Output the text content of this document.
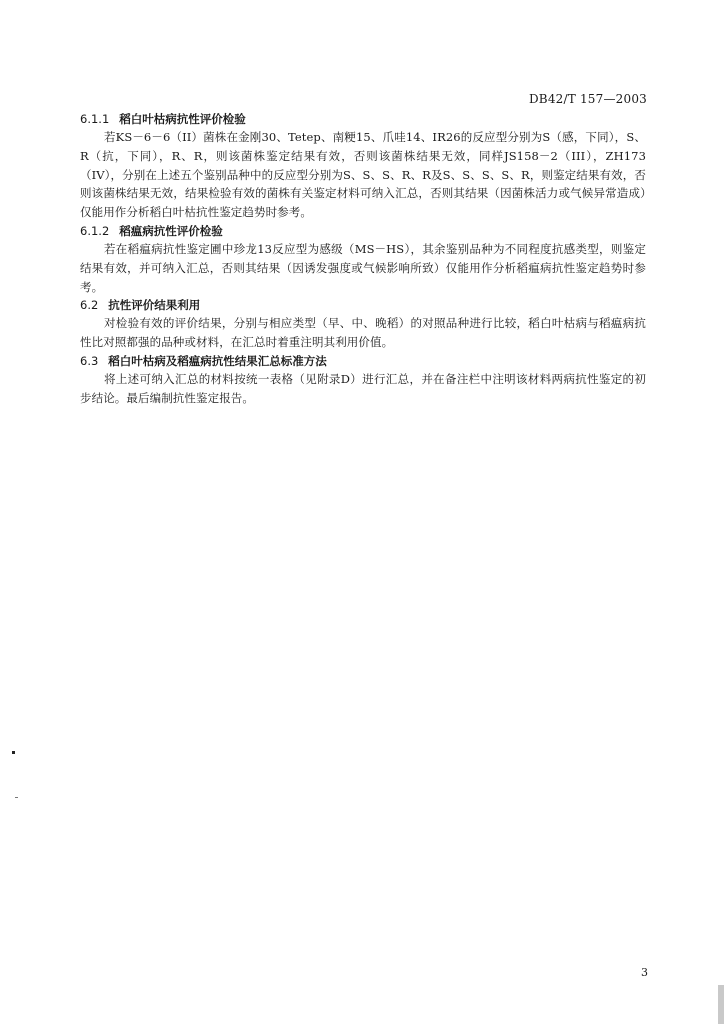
DB42/T 157—2003

6.1.1 稻白叶枯病抗性评价检验

若KS－6－6（II）菌株在金刚30、Tetep、南粳15、爪哇14、IR26的反应型分别为S（感，下同），S、R（抗，下同），R、R，则该菌株鉴定结果有效，否则该菌株结果无效，同样JS158－2（III），ZH173（IV），分别在上述五个鉴别品种中的反应型分别为S、S、S、R、R及S、S、S、S、R，则鉴定结果有效，否则该菌株结果无效，结果检验有效的菌株有关鉴定材料可纳入汇总，否则其结果（因菌株活力或气候异常造成）仅能用作分析稻白叶枯抗性鉴定趋势时参考。

6.1.2 稻瘟病抗性评价检验

若在稻瘟病抗性鉴定圃中珍龙13反应型为感级（MS－HS），其余鉴别品种为不同程度抗感类型，则鉴定结果有效，并可纳入汇总，否则其结果（因诱发强度或气候影响所致）仅能用作分析稻瘟病抗性鉴定趋势时参考。

6.2 抗性评价结果利用

对检验有效的评价结果，分别与相应类型（早、中、晚稻）的对照品种进行比较，稻白叶枯病与稻瘟病抗性比对照都强的品种或材料，在汇总时着重注明其利用价值。

6.3 稻白叶枯病及稻瘟病抗性结果汇总标准方法

将上述可纳入汇总的材料按统一表格（见附录D）进行汇总，并在备注栏中注明该材料两病抗性鉴定的初步结论。最后编制抗性鉴定报告。

3
